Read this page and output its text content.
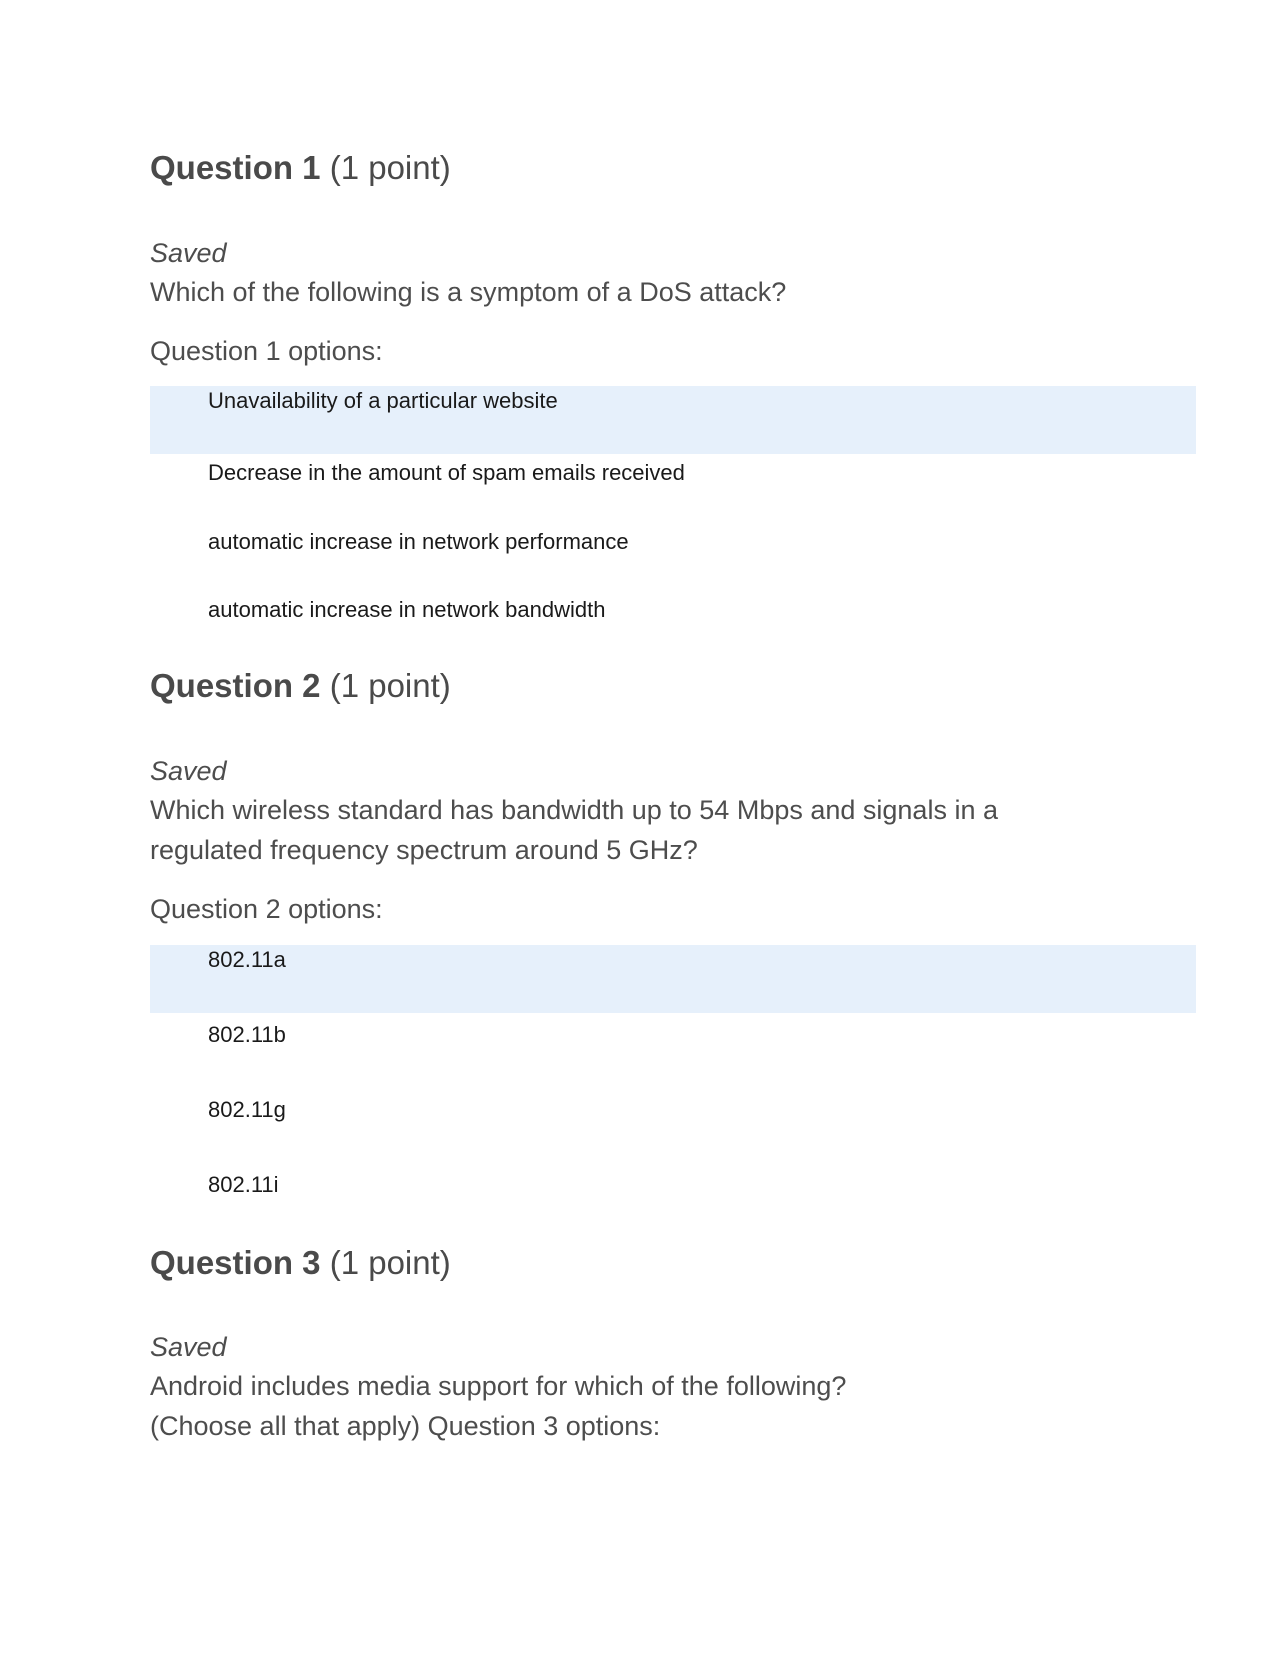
Question 1 (1 point)
Saved
Which of the following is a symptom of a DoS attack?
Question 1 options:
Unavailability of a particular website
Decrease in the amount of spam emails received
automatic increase in network performance
automatic increase in network bandwidth
Question 2 (1 point)
Saved
Which wireless standard has bandwidth up to 54 Mbps and signals in a
regulated frequency spectrum around 5 GHz?
Question 2 options:
802.11a
802.11b
802.11g
802.11i
Question 3 (1 point)
Saved
Android includes media support for which of the following?
(Choose all that apply) Question 3 options:
